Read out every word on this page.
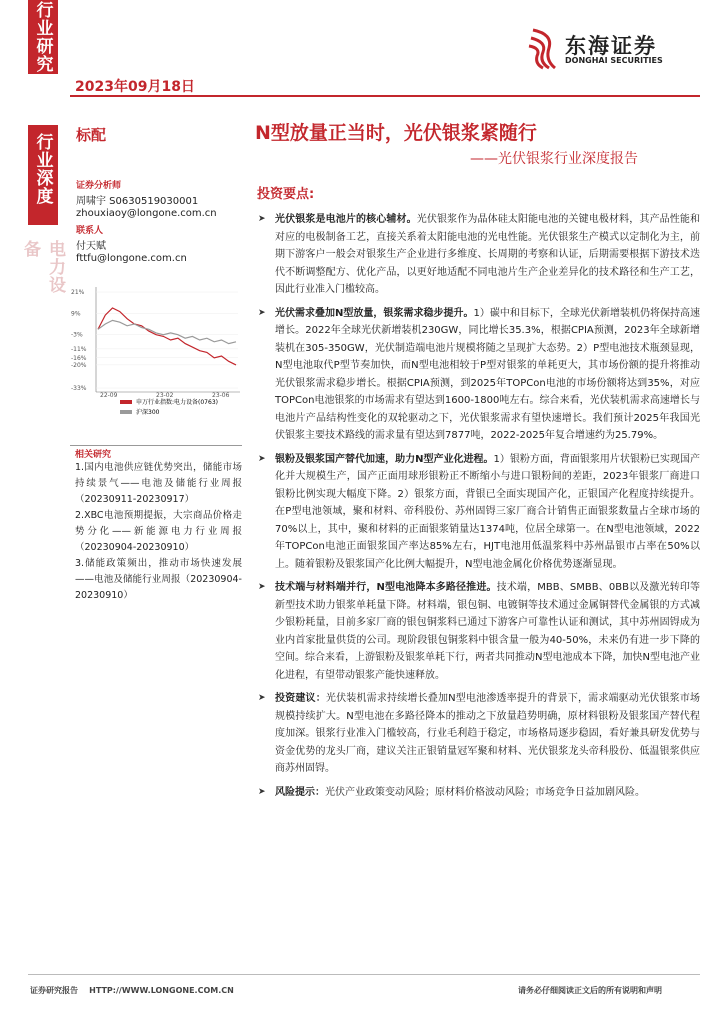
行业研究
行业深度
电力设备
东海证券
DONGHAI SECURITIES
2023年09月18日
标配	N型放量正当时，光伏银浆紧随行
——光伏银浆行业深度报告
证券分析师
周啸宇 S0630519030001
zhouxiaoy@longone.com.cn
联系人
付天赋
fttfu@longone.com.cn
21%
9%
-3%
-11%
-16%
-20%
-33%
22-09	23-02	23-06
申万行业指数:电力设备(0763)
沪深300
相关研究
1.国内电池供应链优势突出，储能市场持续景气——电池及储能行业周报（20230911-20230917）
2.XBC电池预期提振，大宗商品价格走势分化——新能源电力行业周报（20230904-20230910）
3.储能政策频出，推动市场快速发展——电池及储能行业周报（20230904-20230910）
投资要点:
➤ 光伏银浆是电池片的核心辅材。光伏银浆作为晶体硅太阳能电池的关键电极材料，其产品性能和对应的电极制备工艺，直接关系着太阳能电池的光电性能。光伏银浆生产模式以定制化为主，前期下游客户一般会对银浆生产企业进行多维度、长周期的考察和认证，后期需要根据下游技术迭代不断调整配方、优化产品，以更好地适配不同电池片生产企业差异化的技术路径和生产工艺，因此行业准入门槛较高。
➤ 光伏需求叠加N型放量，银浆需求稳步提升。1）碳中和目标下，全球光伏新增装机仍将保持高速增长。2022年全球光伏新增装机230GW，同比增长35.3%，根据CPIA预测，2023年全球新增装机在305-350GW，光伏制造端电池片规模将随之呈现扩大态势。2）P型电池技术瓶颈显现，N型电池取代P型节奏加快，而N型电池相较于P型对银浆的单耗更大，其市场份额的提升将推动光伏银浆需求稳步增长。根据CPIA预测，到2025年TOPCon电池的市场份额将达到35%，对应TOPCon电池银浆的市场需求有望达到1600-1800吨左右。综合来看，光伏装机需求高速增长与电池片产品结构性变化的双轮驱动之下，光伏银浆需求有望快速增长。我们预计2025年我国光伏银浆主要技术路线的需求量有望达到7877吨，2022-2025年复合增速约为25.79%。
➤ 银粉及银浆国产替代加速，助力N型产业化进程。1）银粉方面，背面银浆用片状银粉已实现国产化并大规模生产，国产正面用球形银粉正不断缩小与进口银粉间的差距，2023年银浆厂商进口银粉比例实现大幅度下降。2）银浆方面，背银已全面实现国产化，正银国产化程度持续提升。在P型电池领域，聚和材料、帝科股份、苏州固锝三家厂商合计销售正面银浆数量占全球市场的70%以上，其中，聚和材料的正面银浆销量达1374吨，位居全球第一。在N型电池领域，2022年TOPCon电池正面银浆国产率达85%左右，HJT电池用低温浆料中苏州晶银市占率在50%以上。随着银粉及银浆国产化比例大幅提升，N型电池金属化价格优势逐渐显现。
➤ 技术端与材料端并行，N型电池降本多路径推进。技术端，MBB、SMBB、0BB以及激光转印等新型技术助力银浆单耗量下降。材料端，银包铜、电镀铜等技术通过金属铜替代金属银的方式减少银粉耗量，目前多家厂商的银包铜浆料已通过下游客户可靠性认证和测试，其中苏州固锝成为业内首家批量供货的公司。现阶段银包铜浆料中银含量一般为40-50%，未来仍有进一步下降的空间。综合来看，上游银粉及银浆单耗下行，两者共同推动N型电池成本下降，加快N型电池产业化进程，有望带动银浆产能快速释放。
➤ 投资建议：光伏装机需求持续增长叠加N型电池渗透率提升的背景下，需求端驱动光伏银浆市场规模持续扩大。N型电池在多路径降本的推动之下放量趋势明确，原材料银粉及银浆国产替代程度加深。银浆行业准入门槛较高，行业毛利趋于稳定，市场格局逐步稳固，看好兼具研发优势与资金优势的龙头厂商，建议关注正银销量冠军聚和材料、光伏银浆龙头帝科股份、低温银浆供应商苏州固锝。
➤ 风险提示：光伏产业政策变动风险；原材料价格波动风险；市场竞争日益加剧风险。
证券研究报告    HTTP://WWW.LONGONE.COM.CN	请务必仔细阅读正文后的所有说明和声明
